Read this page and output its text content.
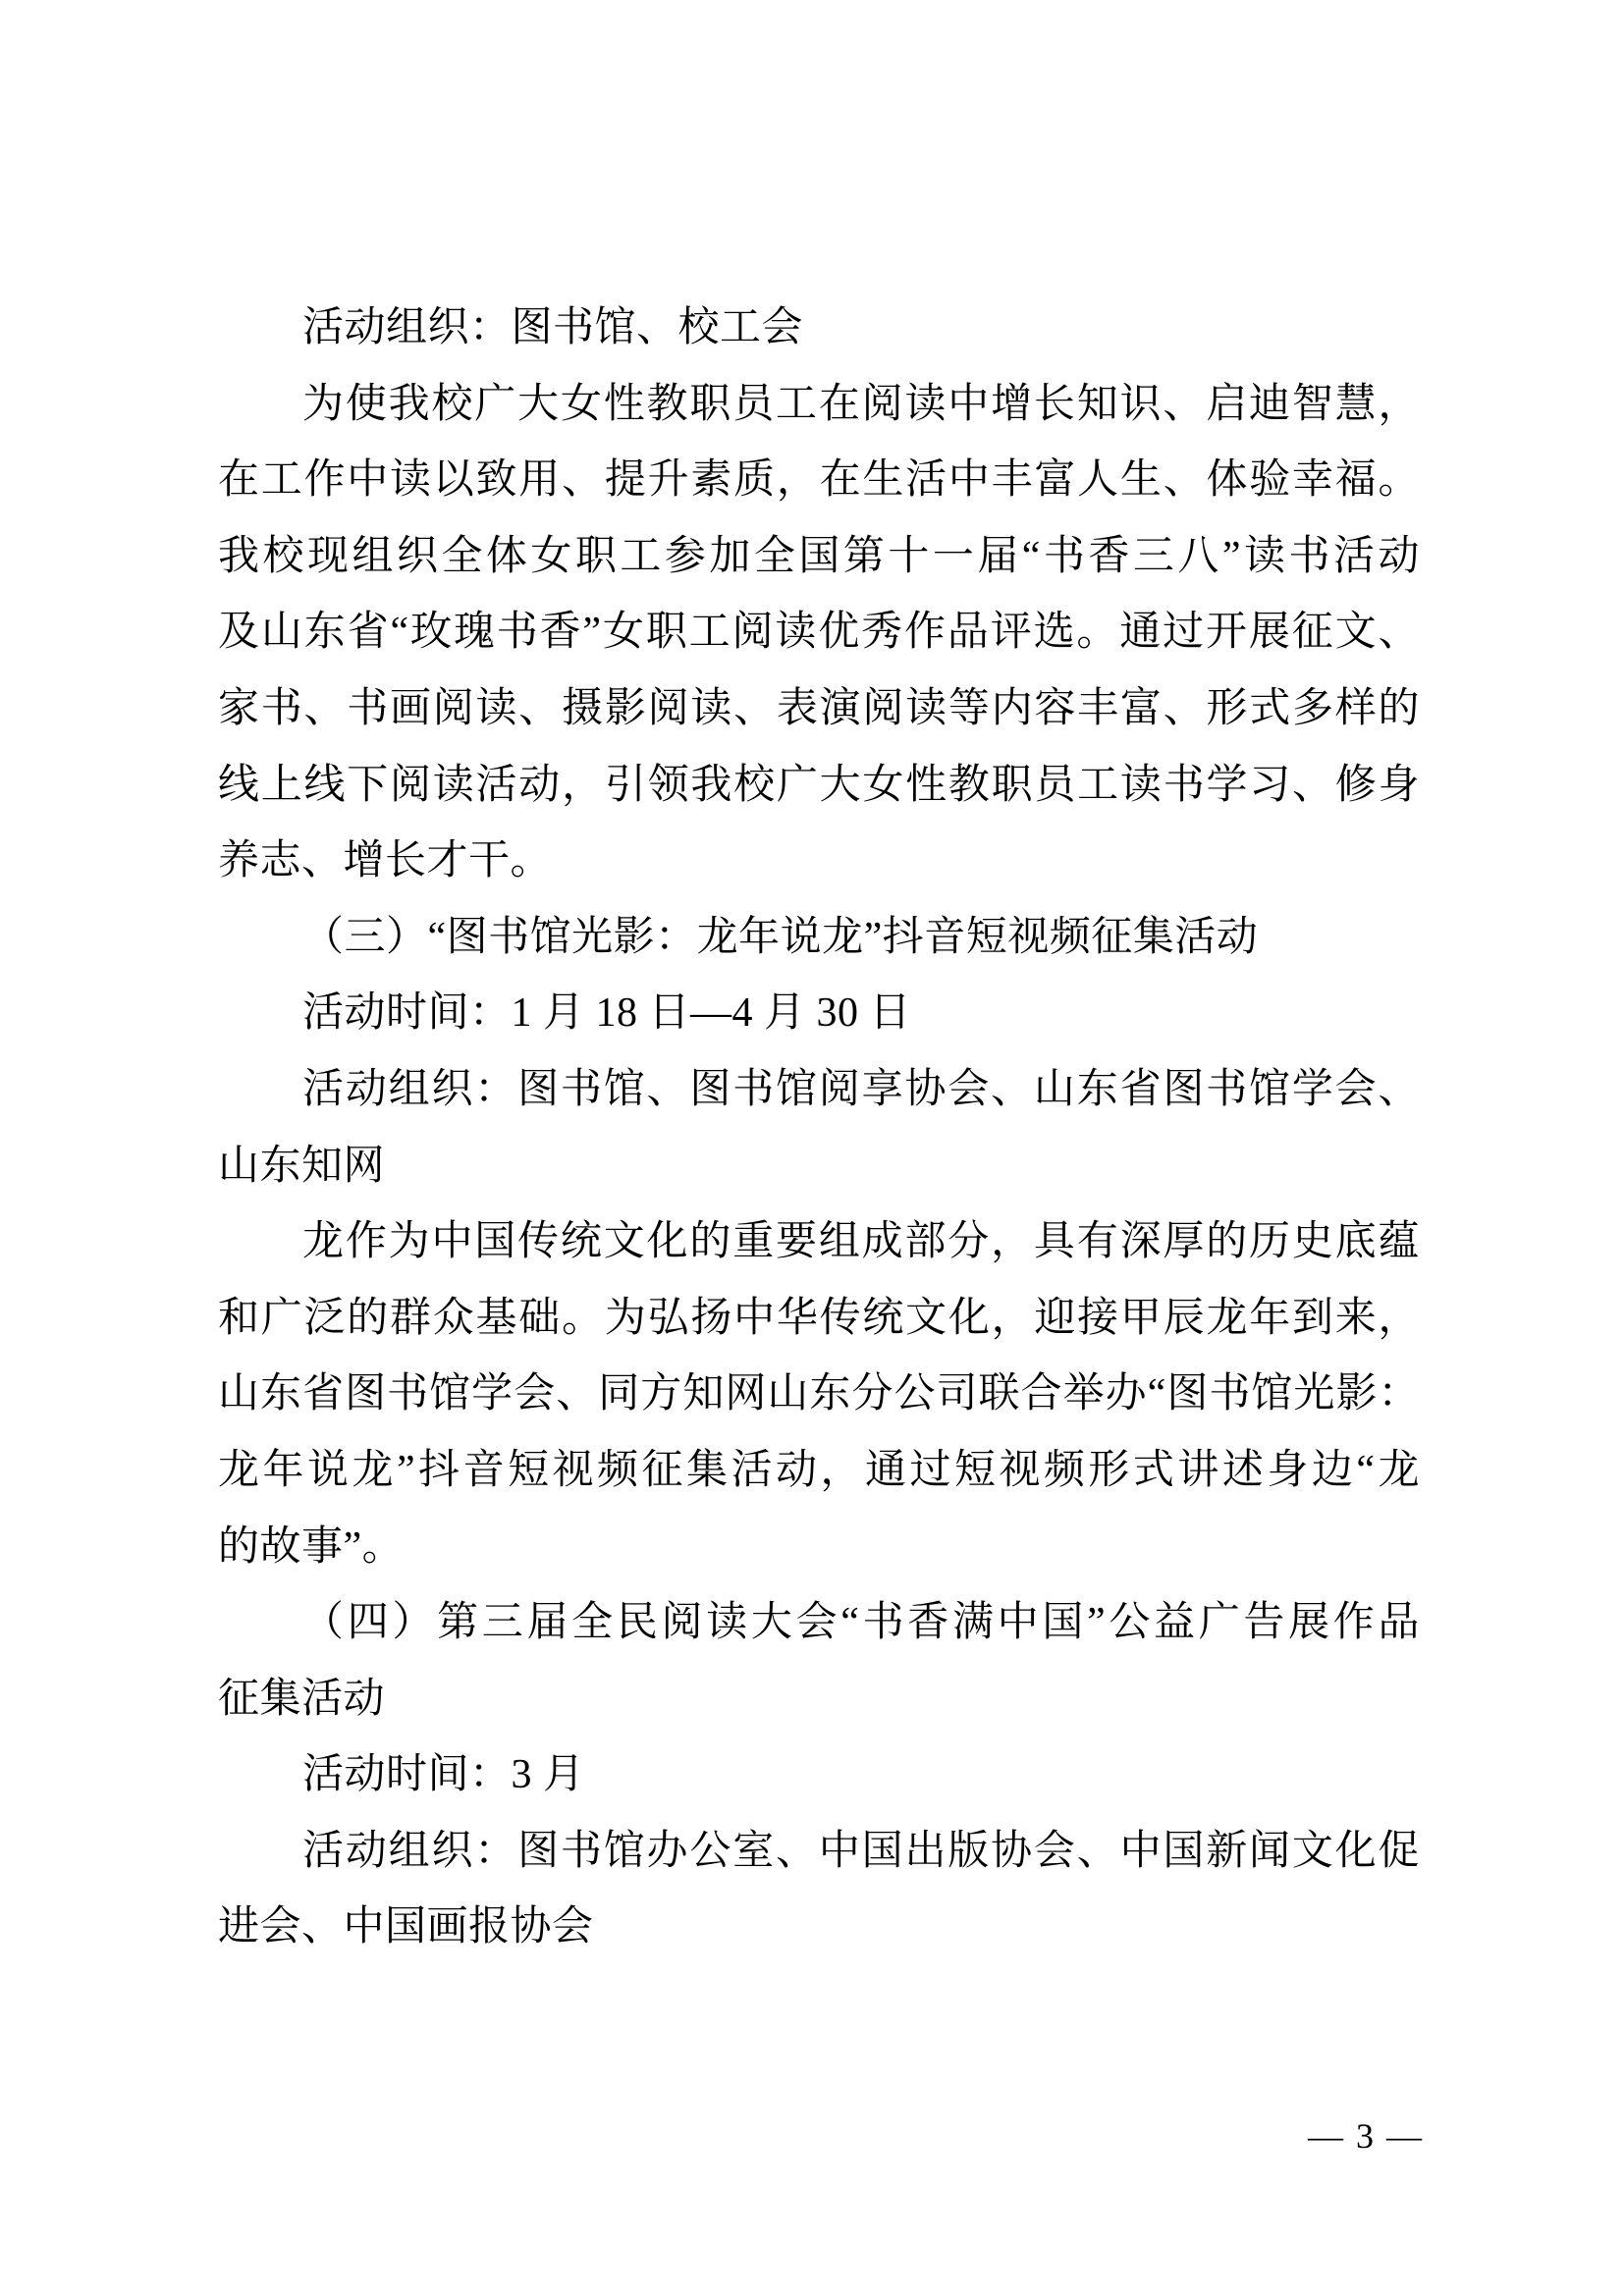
活动组织：图书馆、校工会
为使我校广大女性教职员工在阅读中增长知识、启迪智慧，
在工作中读以致用、提升素质，在生活中丰富人生、体验幸福。
我校现组织全体女职工参加全国第十一届“书香三八”读书活动
及山东省“玫瑰书香”女职工阅读优秀作品评选。通过开展征文、
家书、书画阅读、摄影阅读、表演阅读等内容丰富、形式多样的
线上线下阅读活动，引领我校广大女性教职员工读书学习、修身
养志、增长才干。
（三）“图书馆光影：龙年说龙”抖音短视频征集活动
活动时间：1 月 18 日—4 月 30 日
活动组织：图书馆、图书馆阅享协会、山东省图书馆学会、
山东知网
龙作为中国传统文化的重要组成部分，具有深厚的历史底蕴
和广泛的群众基础。为弘扬中华传统文化，迎接甲辰龙年到来，
山东省图书馆学会、同方知网山东分公司联合举办“图书馆光影：
龙年说龙”抖音短视频征集活动，通过短视频形式讲述身边“龙
的故事”。
（四）第三届全民阅读大会“书香满中国”公益广告展作品
征集活动
活动时间：3 月
活动组织：图书馆办公室、中国出版协会、中国新闻文化促
进会、中国画报协会
— 3 —
